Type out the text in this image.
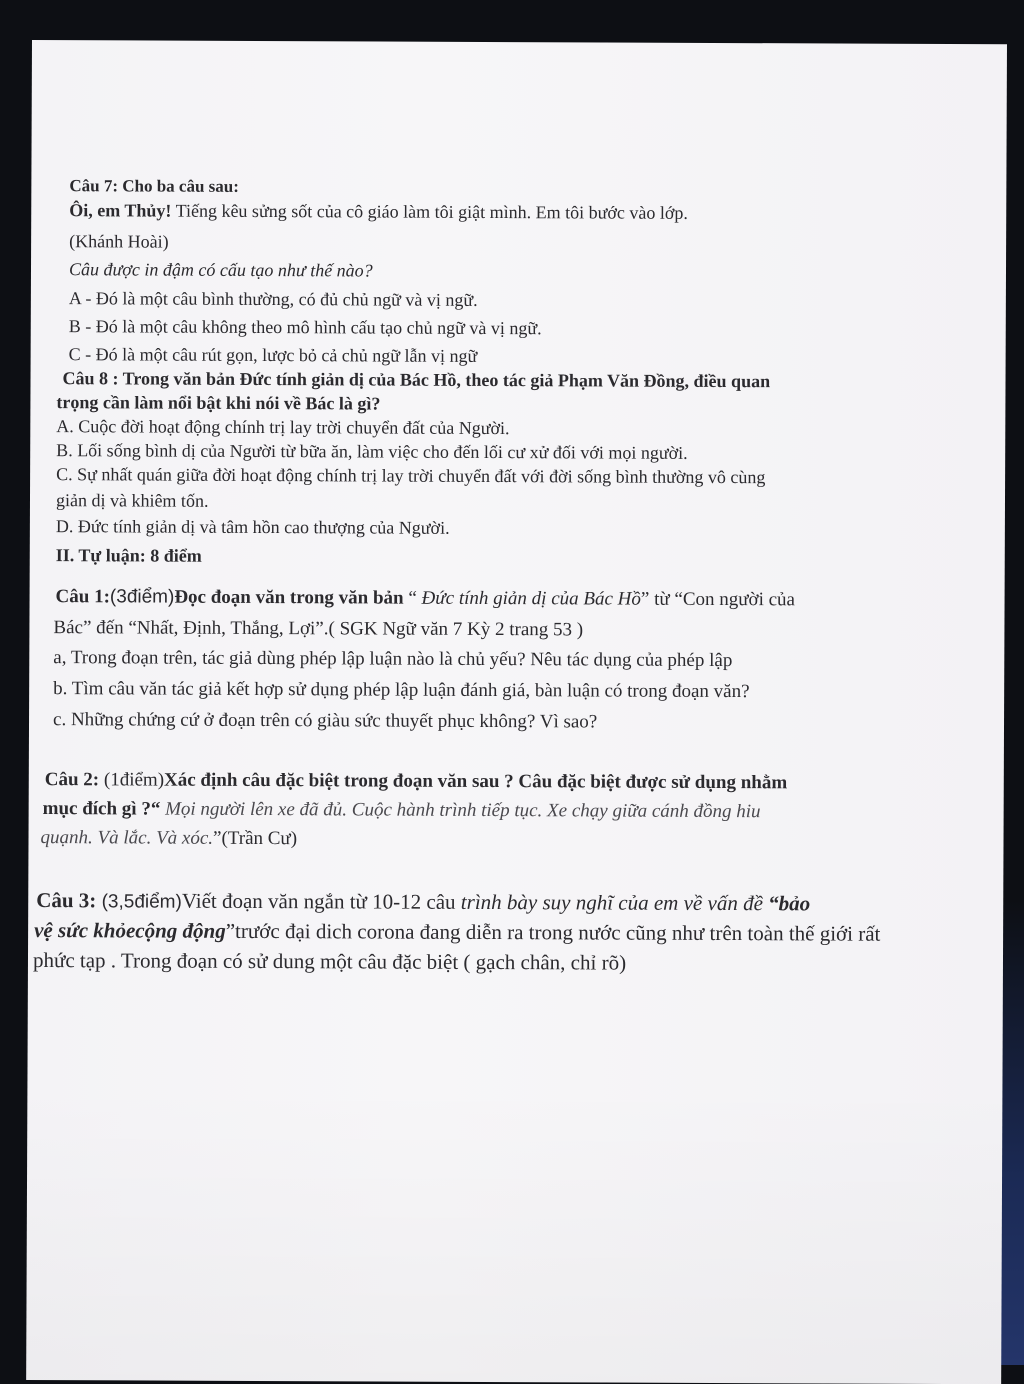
Câu 7: Cho ba câu sau:
Ôi, em Thủy! Tiếng kêu sửng sốt của cô giáo làm tôi giật mình. Em tôi bước vào lớp.
(Khánh Hoài)
Câu được in đậm có cấu tạo như thế nào?
A - Đó là một câu bình thường, có đủ chủ ngữ và vị ngữ.
B - Đó là một câu không theo mô hình cấu tạo chủ ngữ và vị ngữ.
C - Đó là một câu rút gọn, lược bỏ cả chủ ngữ lẫn vị ngữ
Câu 8 : Trong văn bản Đức tính giản dị của Bác Hồ, theo tác giả Phạm Văn Đồng, điều quan
trọng cần làm nổi bật khi nói về Bác là gì?
A. Cuộc đời hoạt động chính trị lay trời chuyển đất của Người.
B. Lối sống bình dị của Người từ bữa ăn, làm việc cho đến lối cư xử đối với mọi người.
C. Sự nhất quán giữa đời hoạt động chính trị lay trời chuyển đất với đời sống bình thường vô cùng
giản dị và khiêm tốn.
D. Đức tính giản dị và tâm hồn cao thượng của Người.
II. Tự luận: 8 điểm
Câu 1:(3điểm)Đọc đoạn văn trong văn bản “ Đức tính giản dị của Bác Hồ” từ “Con người của
Bác” đến “Nhất, Định, Thắng, Lợi”.( SGK Ngữ văn 7 Kỳ 2 trang 53 )
a, Trong đoạn trên, tác giả dùng phép lập luận nào là chủ yếu? Nêu tác dụng của phép lập
b. Tìm câu văn tác giả kết hợp sử dụng phép lập luận đánh giá, bàn luận có trong đoạn văn?
c. Những chứng cứ ở đoạn trên có giàu sức thuyết phục không? Vì sao?
Câu 2: (1điểm)Xác định câu đặc biệt trong đoạn văn sau ? Câu đặc biệt được sử dụng nhằm
mục đích gì ?“ Mọi người lên xe đã đủ. Cuộc hành trình tiếp tục. Xe chạy giữa cánh đồng hiu
quạnh. Và lắc. Và xóc.”(Trần Cư)
Câu 3: (3,5điểm)Viết đoạn văn ngắn từ 10-12 câu trình bày suy nghĩ của em về vấn đề “bảo
vệ sức khỏecộng động”trước đại dich corona đang diễn ra trong nước cũng như trên toàn thế giới rất
phức tạp . Trong đoạn có sử dung một câu đặc biệt ( gạch chân, chỉ rõ)
